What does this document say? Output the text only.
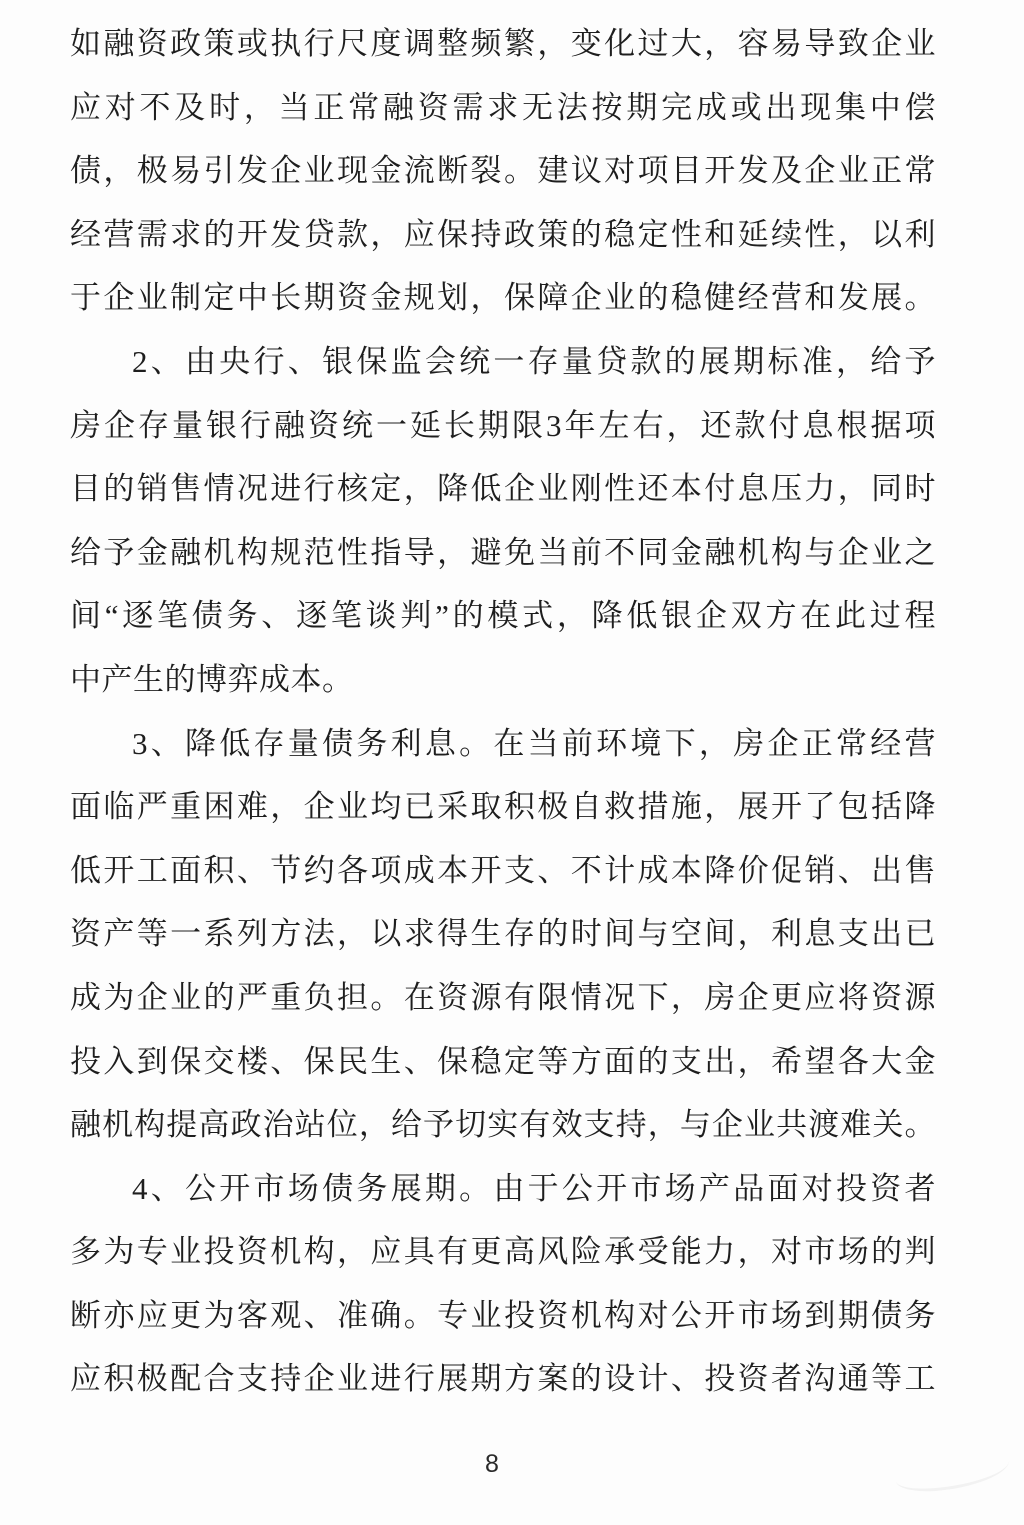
如融资政策或执行尺度调整频繁，变化过大，容易导致企业
应对不及时，当正常融资需求无法按期完成或出现集中偿
债，极易引发企业现金流断裂。建议对项目开发及企业正常
经营需求的开发贷款，应保持政策的稳定性和延续性，以利
于企业制定中长期资金规划，保障企业的稳健经营和发展。
2、由央行、银保监会统一存量贷款的展期标准，给予
房企存量银行融资统一延长期限3年左右，还款付息根据项
目的销售情况进行核定，降低企业刚性还本付息压力，同时
给予金融机构规范性指导，避免当前不同金融机构与企业之
间“逐笔债务、逐笔谈判”的模式，降低银企双方在此过程
中产生的博弈成本。
3、降低存量债务利息。在当前环境下，房企正常经营
面临严重困难，企业均已采取积极自救措施，展开了包括降
低开工面积、节约各项成本开支、不计成本降价促销、出售
资产等一系列方法，以求得生存的时间与空间，利息支出已
成为企业的严重负担。在资源有限情况下，房企更应将资源
投入到保交楼、保民生、保稳定等方面的支出，希望各大金
融机构提高政治站位，给予切实有效支持，与企业共渡难关。
4、公开市场债务展期。由于公开市场产品面对投资者
多为专业投资机构，应具有更高风险承受能力，对市场的判
断亦应更为客观、准确。专业投资机构对公开市场到期债务
应积极配合支持企业进行展期方案的设计、投资者沟通等工
8
